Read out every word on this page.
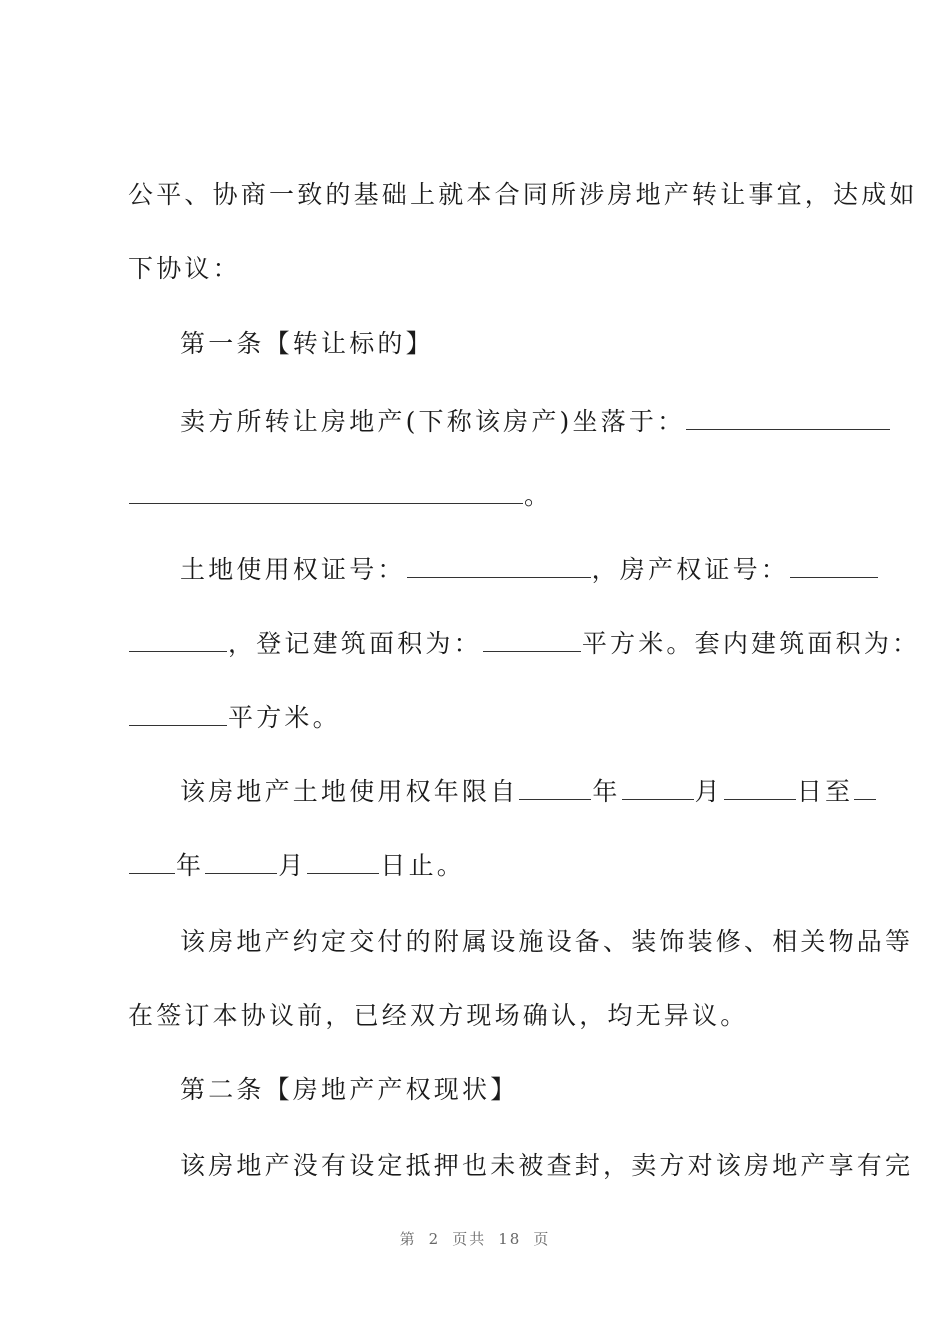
公平、协商一致的基础上就本合同所涉房地产转让事宜，达成如
下协议：
第一条【转让标的】
卖方所转让房地产(下称该房产)坐落于：
。
土地使用权证号：	，房产权证号：
，登记建筑面积为：	平方米。套内建筑面积为：
平方米。
该房地产土地使用权年限自	年	月	日至
年	月	日止。
该房地产约定交付的附属设施设备、装饰装修、相关物品等
在签订本协议前，已经双方现场确认，均无异议。
第二条【房地产产权现状】
该房地产没有设定抵押也未被查封，卖方对该房地产享有完
第 2 页共 18 页
